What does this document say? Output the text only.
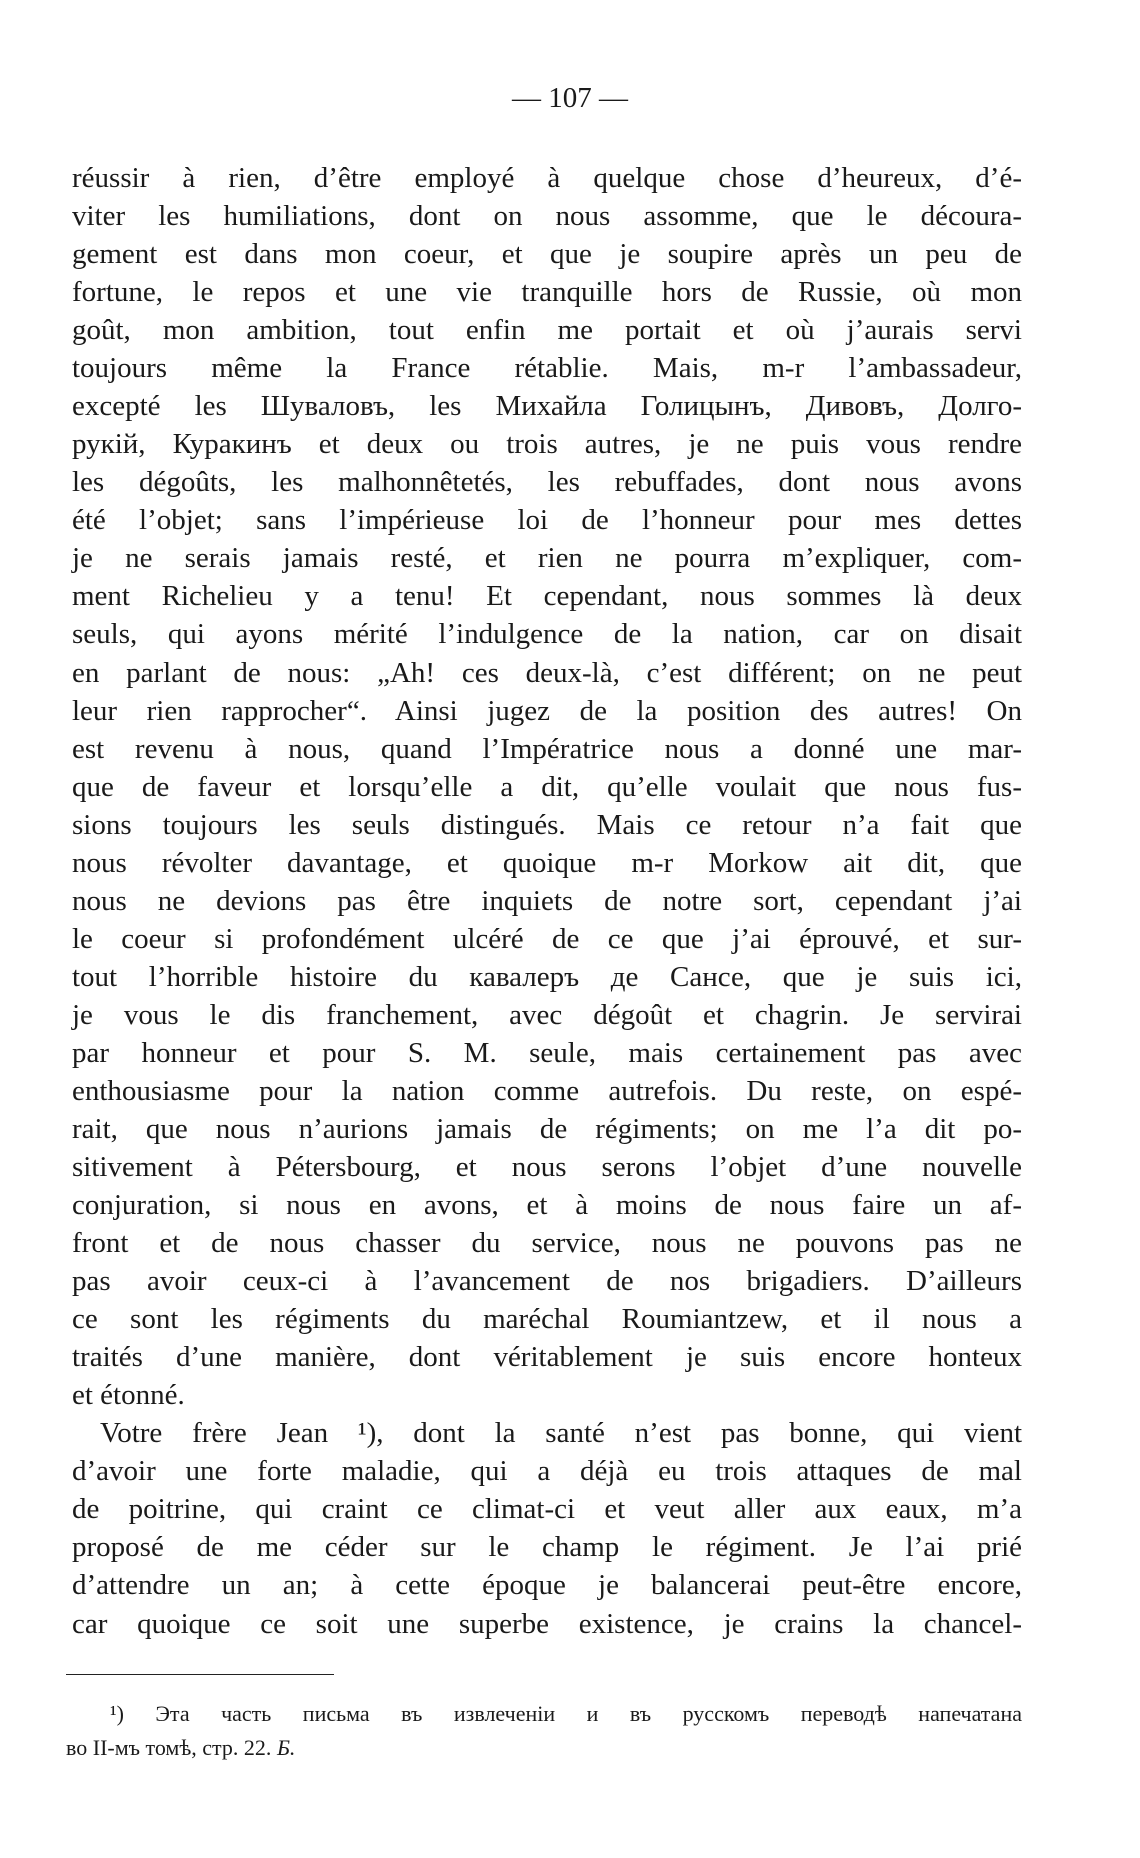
— 107 —
réussir à rien, d’être employé à quelque chose d’heureux, d’é-
viter les humiliations, dont on nous assomme, que le découra-
gement est dans mon coeur, et que je soupire après un peu de
fortune, le repos et une vie tranquille hors de Russie, où mon
goût, mon ambition, tout enfin me portait et où j’aurais servi
toujours même la France rétablie. Mais, m-r l’ambassadeur,
excepté les Шуваловъ, les Михайла Голицынъ, Дивовъ, Долго-
рукій, Куракинъ et deux ou trois autres, je ne puis vous rendre
les dégoûts, les malhonnêtetés, les rebuffades, dont nous avons
été l’objet; sans l’impérieuse loi de l’honneur pour mes dettes
je ne serais jamais resté, et rien ne pourra m’expliquer, com-
ment Richelieu y a tenu! Et cependant, nous sommes là deux
seuls, qui ayons mérité l’indulgence de la nation, car on disait
en parlant de nous: „Ah! ces deux-là, c’est différent; on ne peut
leur rien rapprocher“. Ainsi jugez de la position des autres! On
est revenu à nous, quand l’Impératrice nous a donné une mar-
que de faveur et lorsqu’elle a dit, qu’elle voulait que nous fus-
sions toujours les seuls distingués. Mais ce retour n’a fait que
nous révolter davantage, et quoique m-r Morkow ait dit, que
nous ne devions pas être inquiets de notre sort, cependant j’ai
le coeur si profondément ulcéré de ce que j’ai éprouvé, et sur-
tout l’horrible histoire du кавалеръ де Сансе, que je suis ici,
je vous le dis franchement, avec dégoût et chagrin. Je servirai
par honneur et pour S. M. seule, mais certainement pas avec
enthousiasme pour la nation comme autrefois. Du reste, on espé-
rait, que nous n’aurions jamais de régiments; on me l’a dit po-
sitivement à Pétersbourg, et nous serons l’objet d’une nouvelle
conjuration, si nous en avons, et à moins de nous faire un af-
front et de nous chasser du service, nous ne pouvons pas ne
pas avoir ceux-ci à l’avancement de nos brigadiers. D’ailleurs
ce sont les régiments du maréchal Roumiantzew, et il nous a
traités d’une manière, dont véritablement je suis encore honteux
et étonné.
Votre frère Jean ¹), dont la santé n’est pas bonne, qui vient
d’avoir une forte maladie, qui a déjà eu trois attaques de mal
de poitrine, qui craint ce climat-ci et veut aller aux eaux, m’a
proposé de me céder sur le champ le régiment. Je l’ai prié
d’attendre un an; à cette époque je balancerai peut-être encore,
car quoique ce soit une superbe existence, je crains la chancel-
¹) Эта часть письма въ извлеченіи и въ русскомъ переводѣ напечатана
во II-мъ томѣ, стр. 22. Б.
